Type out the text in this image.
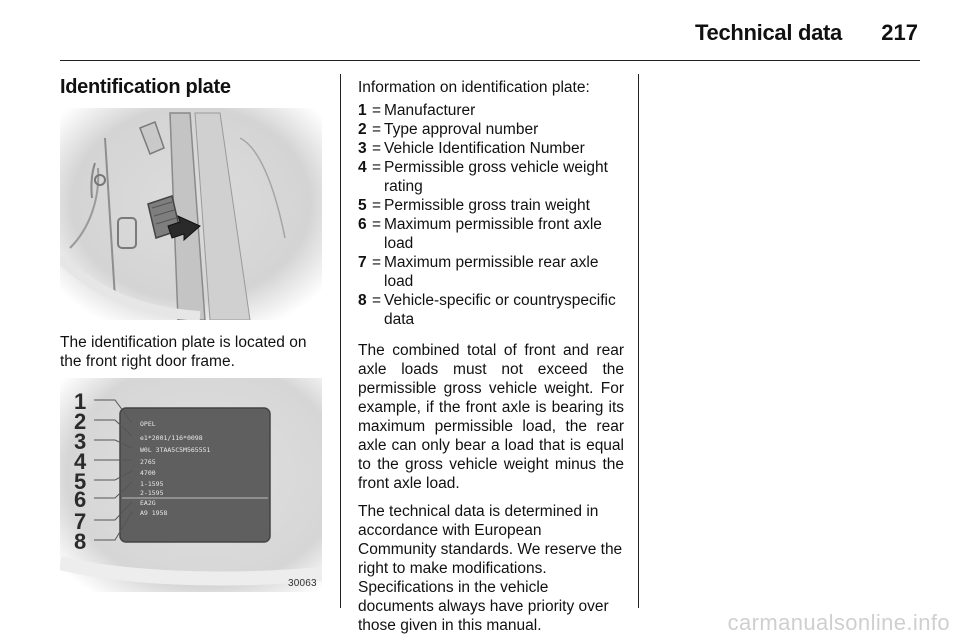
Technical data 217
Identification plate
The identification plate is located on the front right door frame.
OPEL
e1*2001/116*0098
W0L 3TAA5C5M565551
2765
4700
1-1595
2-1595
EA2G
A9 1958
1
2
3
4
5
6
7
8
30063

Information on identification plate:

1 = Manufacturer
2 = Type approval number
3 = Vehicle Identification Number
4 = Permissible gross vehicle weight rating
5 = Permissible gross train weight
6 = Maximum permissible front axle load
7 = Maximum permissible rear axle load
8 = Vehicle-specific or countryspecific data

The combined total of front and rear axle loads must not exceed the permissible gross vehicle weight. For example, if the front axle is bearing its maximum permissible load, the rear axle can only bear a load that is equal to the gross vehicle weight minus the front axle load.

The technical data is determined in accordance with European Community standards. We reserve the right to make modifications. Specifications in the vehicle documents always have priority over those given in this manual.	carmanualsonline.info
